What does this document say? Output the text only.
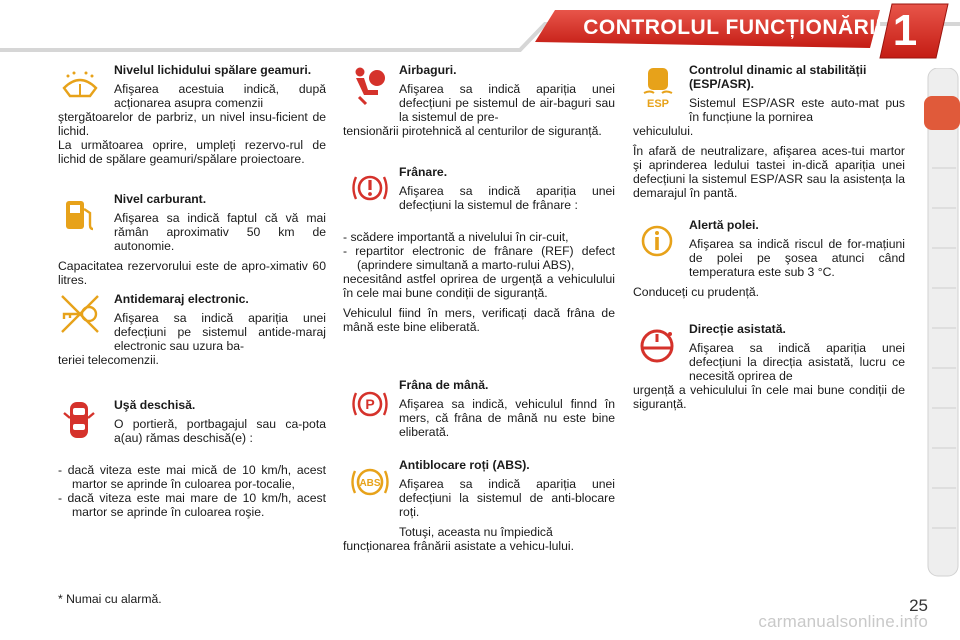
CONTROLUL FUNCȚIONĂRII 1

Nivelul lichidului spălare geamuri.

Afişarea acestuia indică, după acționarea asupra comenzii

ştergătoarelor de parbriz, un nivel insu-ficient de lichid.

La următoarea oprire, umpleți rezervo-rul de lichid de spălare geamuri/spălare proiectoare.

Nivel carburant.

Afişarea sa indică faptul că vă mai rămân aproximativ 50 km de autonomie.

Capacitatea rezervorului este de apro-ximativ 60 litres.

Antidemaraj electronic.

Afişarea sa indică apariția unei defecțiuni pe sistemul antide-maraj electronic sau uzura ba-

teriei telecomenzii.

Uşă deschisă.

O portieră, portbagajul sau ca-pota a(au) rămas deschisă(e) :

- dacă viteza este mai mică de 10 km/h, acest martor se aprinde în culoarea por-tocalie,

- dacă viteza este mai mare de 10 km/h, acest martor se aprinde în culoarea roşie.

Airbaguri.

Afişarea sa indică apariția unei defecțiuni pe sistemul de air-baguri sau la sistemul de pre-

tensionării pirotehnică al centurilor de siguranță.

Frânare.

Afişarea sa indică apariția unei defecțiuni la sistemul de frânare :

- scădere importantă a nivelului în cir-cuit,

- repartitor electronic de frânare (REF) defect (aprindere simultană a marto-rului ABS),

necesitând astfel oprirea de urgență a vehiculului în cele mai bune condiții de siguranță.

Vehiculul fiind în mers, verificați dacă frâna de mână este bine eliberată.

P

Frâna de mână.

Afişarea sa indică, vehiculul finnd în mers, că frâna de mână nu este bine eliberată.

ABS

Antiblocare roți (ABS).

Afişarea sa indică apariția unei defecțiuni la sistemul de anti-blocare roți.

Totuşi, aceasta nu împiedică

funcționarea frânării asistate a vehicu-lului.

ESP

Controlul dinamic al stabilității (ESP/ASR).

Sistemul ESP/ASR este auto-mat pus în funcțiune la pornirea

vehiculului.

În afară de neutralizare, afişarea aces-tui martor şi aprinderea ledului tastei in-dică apariția unei defecțiuni la sistemul ESP/ASR sau la asistența la demarajul în pantă.

Alertă polei.

Afişarea sa indică riscul de for-mațiuni de polei pe şosea atunci când temperatura este sub 3 °C.

Conduceți cu prudență.

Direcție asistată.

Afişarea sa indică apariția unei defecțiuni la direcția asistată, lucru ce necesită oprirea de

urgență a vehiculului în cele mai bune condiții de siguranță.

* Numai cu alarmă.
carmanualsonline.info
25
